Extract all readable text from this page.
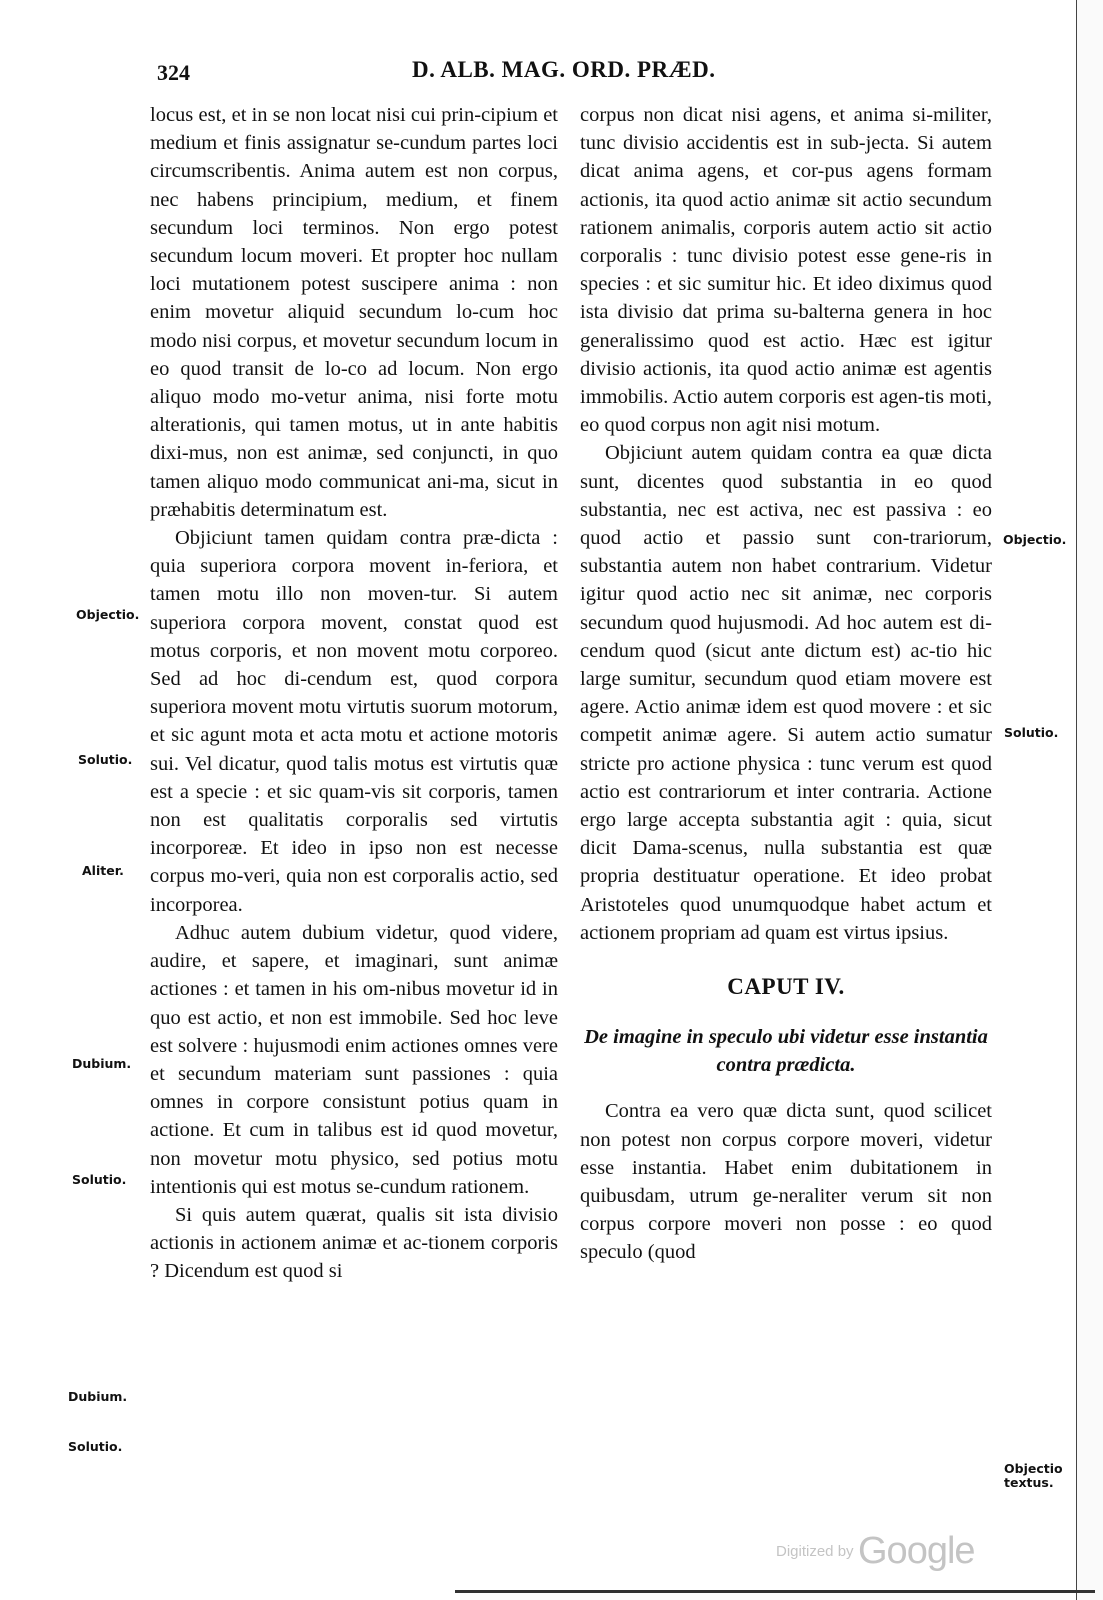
324	D. ALB. MAG. ORD. PRÆD.

locus est, et in se non locat nisi cui prin-cipium et medium et finis assignatur se-cundum partes loci circumscribentis. Anima autem est non corpus, nec habens principium, medium, et finem secundum loci terminos. Non ergo potest secundum locum moveri. Et propter hoc nullam loci mutationem potest suscipere anima : non enim movetur aliquid secundum lo-cum hoc modo nisi corpus, et movetur secundum locum in eo quod transit de lo-co ad locum. Non ergo aliquo modo mo-vetur anima, nisi forte motu alterationis, qui tamen motus, ut in ante habitis dixi-mus, non est animæ, sed conjuncti, in quo tamen aliquo modo communicat ani-ma, sicut in præhabitis determinatum est.

Objiciunt tamen quidam contra præ-dicta : quia superiora corpora movent in-feriora, et tamen motu illo non moven-tur. Si autem superiora corpora movent, constat quod est motus corporis, et non movent motu corporeo. Sed ad hoc di-cendum est, quod corpora superiora movent motu virtutis suorum motorum, et sic agunt mota et acta motu et actione motoris sui. Vel dicatur, quod talis motus est virtutis quæ est a specie : et sic quam-vis sit corporis, tamen non est qualitatis corporalis sed virtutis incorporeæ. Et ideo in ipso non est necesse corpus mo-veri, quia non est corporalis actio, sed incorporea.

Adhuc autem dubium videtur, quod videre, audire, et sapere, et imaginari, sunt animæ actiones : et tamen in his om-nibus movetur id in quo est actio, et non est immobile. Sed hoc leve est solvere : hujusmodi enim actiones omnes vere et secundum materiam sunt passiones : quia omnes in corpore consistunt potius quam in actione. Et cum in talibus est id quod movetur, non movetur motu physico, sed potius motu intentionis qui est motus se-cundum rationem.

Si quis autem quærat, qualis sit ista divisio actionis in actionem animæ et ac-tionem corporis ? Dicendum est quod si

corpus non dicat nisi agens, et anima si-militer, tunc divisio accidentis est in sub-jecta. Si autem dicat anima agens, et cor-pus agens formam actionis, ita quod actio animæ sit actio secundum rationem animalis, corporis autem actio sit actio corporalis : tunc divisio potest esse gene-ris in species : et sic sumitur hic. Et ideo diximus quod ista divisio dat prima su-balterna genera in hoc generalissimo quod est actio. Hæc est igitur divisio actionis, ita quod actio animæ est agentis immobilis. Actio autem corporis est agen-tis moti, eo quod corpus non agit nisi motum.

Objiciunt autem quidam contra ea quæ dicta sunt, dicentes quod substantia in eo quod substantia, nec est activa, nec est passiva : eo quod actio et passio sunt con-trariorum, substantia autem non habet contrarium. Videtur igitur quod actio nec sit animæ, nec corporis secundum quod hujusmodi. Ad hoc autem est di-cendum quod (sicut ante dictum est) ac-tio hic large sumitur, secundum quod etiam movere est agere. Actio animæ idem est quod movere : et sic competit animæ agere. Si autem actio sumatur stricte pro actione physica : tunc verum est quod actio est contrariorum et inter contraria. Actione ergo large accepta substantia agit : quia, sicut dicit Dama-scenus, nulla substantia est quæ propria destituatur operatione. Et ideo probat Aristoteles quod unumquodque habet actum et actionem propriam ad quam est virtus ipsius.

CAPUT IV.
De imagine in speculo ubi videtur esse instantia contra prædicta.

Contra ea vero quæ dicta sunt, quod scilicet non potest non corpus corpore moveri, videtur esse instantia. Habet enim dubitationem in quibusdam, utrum ge-neraliter verum sit non corpus corpore moveri non posse : eo quod speculo (quod

Objectio.
Solutio.
Aliter.
Dubium.
Solutio.
Dubium.
Solutio.
Objectio.
Solutio.
Objectio textus.
Digitized by Google
